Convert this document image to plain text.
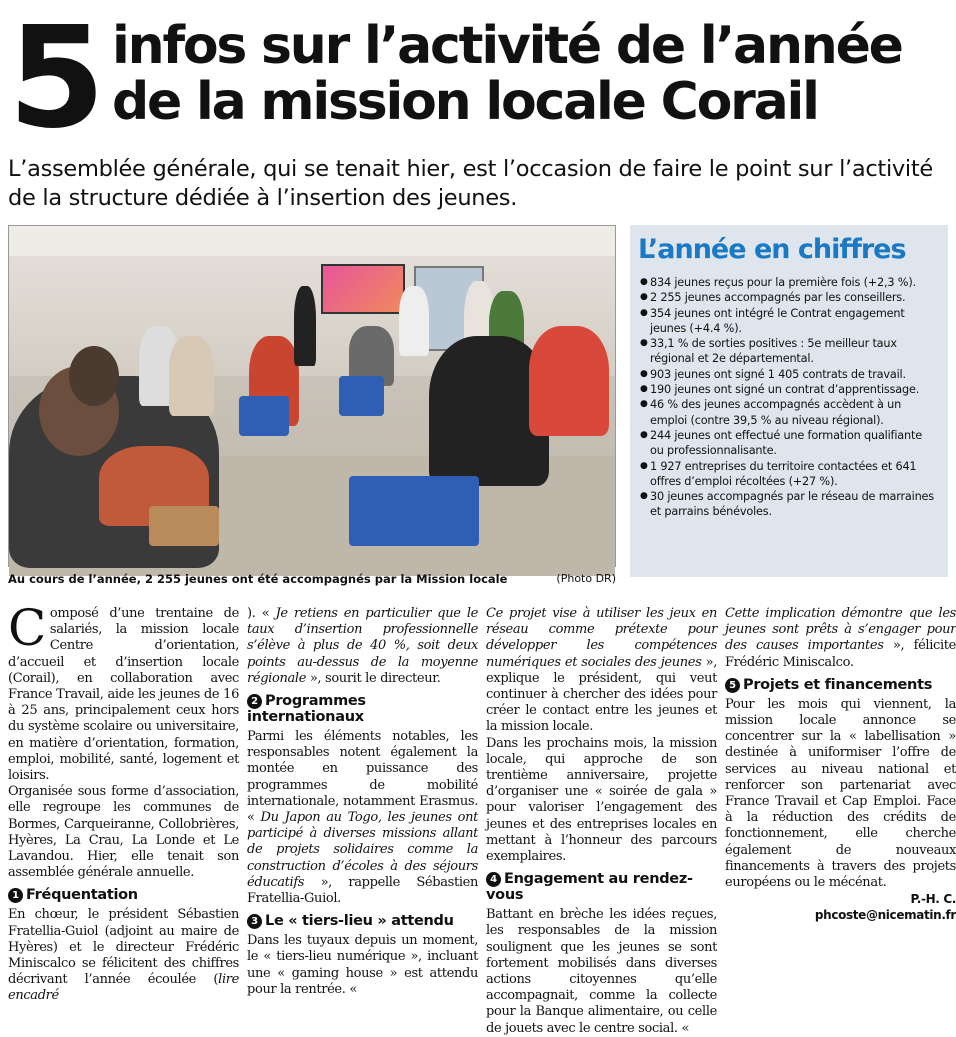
5 infos sur l’activité de l’année
de la mission locale Corail
L’assemblée générale, qui se tenait hier, est l’occasion de faire le point sur l’activité de la structure dédiée à l’insertion des jeunes.
Au cours de l’année, 2 255 jeunes ont été accompagnés par la Mission locale	(Photo DR)
L’année en chiffres
● 834 jeunes reçus pour la première fois (+2,3 %).
● 2 255 jeunes accompagnés par les conseillers.
● 354 jeunes ont intégré le Contrat engagement jeunes (+4.4 %).
● 33,1 % de sorties positives : 5e meilleur taux régional et 2e départemental.
● 903 jeunes ont signé 1 405 contrats de travail.
● 190 jeunes ont signé un contrat d’apprentissage.
● 46 % des jeunes accompagnés accèdent à un emploi (contre 39,5 % au niveau régional).
● 244 jeunes ont effectué une formation qualifiante ou professionnalisante.
● 1 927 entreprises du territoire contactées et 641 offres d’emploi récoltées (+27 %).
● 30 jeunes accompagnés par le réseau de marraines et parrains bénévoles.

Composé d’une trentaine de salariés, la mission locale Centre d’orientation, d’accueil et d’insertion locale (Corail), en collaboration avec France Travail, aide les jeunes de 16 à 25 ans, principalement ceux hors du système scolaire ou universitaire, en matière d’orientation, formation, emploi, mobilité, santé, logement et loisirs.

Organisée sous forme d’association, elle regroupe les communes de Bormes, Carqueiranne, Collobrières, Hyères, La Crau, La Londe et Le Lavandou. Hier, elle tenait son assemblée générale annuelle.

1 Fréquentation

En chœur, le président Sébastien Fratellia-Guiol (adjoint au maire de Hyères) et le directeur Frédéric Miniscalco se félicitent des chiffres décrivant l’année écoulée (lire encadré

). « Je retiens en particulier que le taux d’insertion professionnelle s’élève à plus de 40 %, soit deux points au-dessus de la moyenne régionale », sourit le directeur.

2 Programmes internationaux

Parmi les éléments notables, les responsables notent également la montée en puissance des programmes de mobilité internationale, notamment Erasmus. « Du Japon au Togo, les jeunes ont participé à diverses missions allant de projets solidaires comme la construction d’écoles à des séjours éducatifs », rappelle Sébastien Fratellia-Guiol.

3 Le « tiers-lieu » attendu

Dans les tuyaux depuis un moment, le « tiers-lieu numérique », incluant une « gaming house » est attendu pour la rentrée. «

Ce projet vise à utiliser les jeux en réseau comme prétexte pour développer les compétences numériques et sociales des jeunes », explique le président, qui veut continuer à chercher des idées pour créer le contact entre les jeunes et la mission locale.

Dans les prochains mois, la mission locale, qui approche de son trentième anniversaire, projette d’organiser une « soirée de gala » pour valoriser l’engagement des jeunes et des entreprises locales en mettant à l’honneur des parcours exemplaires.

4 Engagement au rendez-vous

Battant en brèche les idées reçues, les responsables de la mission soulignent que les jeunes se sont fortement mobilisés dans diverses actions citoyennes qu’elle accompagnait, comme la collecte pour la Banque alimentaire, ou celle de jouets avec le centre social. «

Cette implication démontre que les jeunes sont prêts à s’engager pour des causes importantes », félicite Frédéric Miniscalco.

5 Projets et financements

Pour les mois qui viennent, la mission locale annonce se concentrer sur la « labellisation » destinée à uniformiser l’offre de services au niveau national et renforcer son partenariat avec France Travail et Cap Emploi. Face à la réduction des crédits de fonctionnement, elle cherche également de nouveaux financements à travers des projets européens ou le mécénat.

P.-H. C.
phcoste@nicematin.fr
